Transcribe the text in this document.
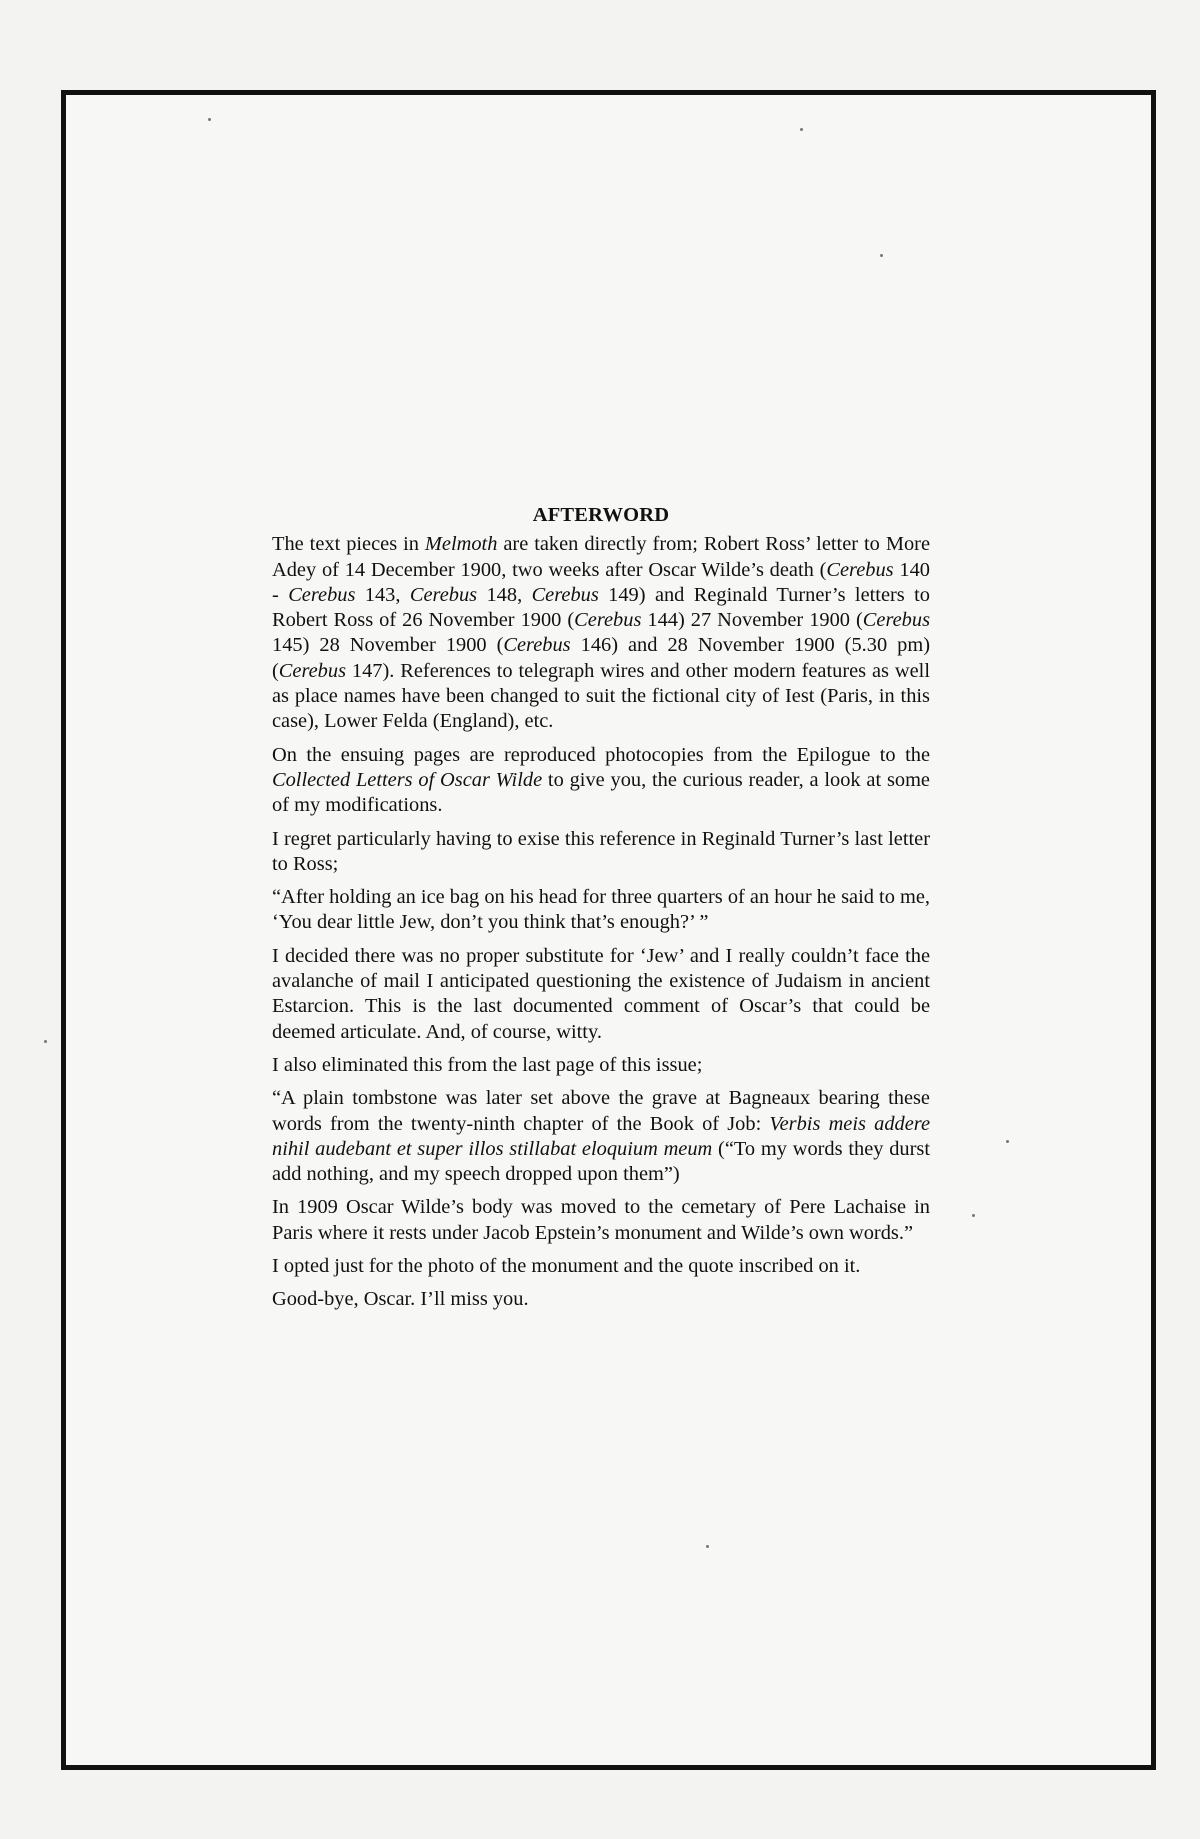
AFTERWORD

The text pieces in Melmoth are taken directly from; Robert Ross’ letter to More Adey of 14 December 1900, two weeks after Oscar Wilde’s death (Cerebus 140 - Cerebus 143, Cerebus 148, Cerebus 149) and Reginald Turner’s letters to Robert Ross of 26 November 1900 (Cerebus 144) 27 November 1900 (Cerebus 145) 28 November 1900 (Cerebus 146) and 28 November 1900 (5.30 pm) (Cerebus 147). References to telegraph wires and other modern features as well as place names have been changed to suit the fictional city of Iest (Paris, in this case), Lower Felda (England), etc.

On the ensuing pages are reproduced photocopies from the Epilogue to the Collected Letters of Oscar Wilde to give you, the curious reader, a look at some of my modifications.

I regret particularly having to exise this reference in Reginald Turner’s last letter to Ross;

“After holding an ice bag on his head for three quarters of an hour he said to me, ‘You dear little Jew, don’t you think that’s enough?’ ”

I decided there was no proper substitute for ‘Jew’ and I really couldn’t face the avalanche of mail I anticipated questioning the existence of Judaism in ancient Estarcion. This is the last documented comment of Oscar’s that could be deemed articulate. And, of course, witty.

I also eliminated this from the last page of this issue;

“A plain tombstone was later set above the grave at Bagneaux bearing these words from the twenty-ninth chapter of the Book of Job: Verbis meis addere nihil audebant et super illos stillabat eloquium meum (“To my words they durst add nothing, and my speech dropped upon them”)

In 1909 Oscar Wilde’s body was moved to the cemetary of Pere Lachaise in Paris where it rests under Jacob Epstein’s monument and Wilde’s own words.”

I opted just for the photo of the monument and the quote inscribed on it.

Good-bye, Oscar. I’ll miss you.
